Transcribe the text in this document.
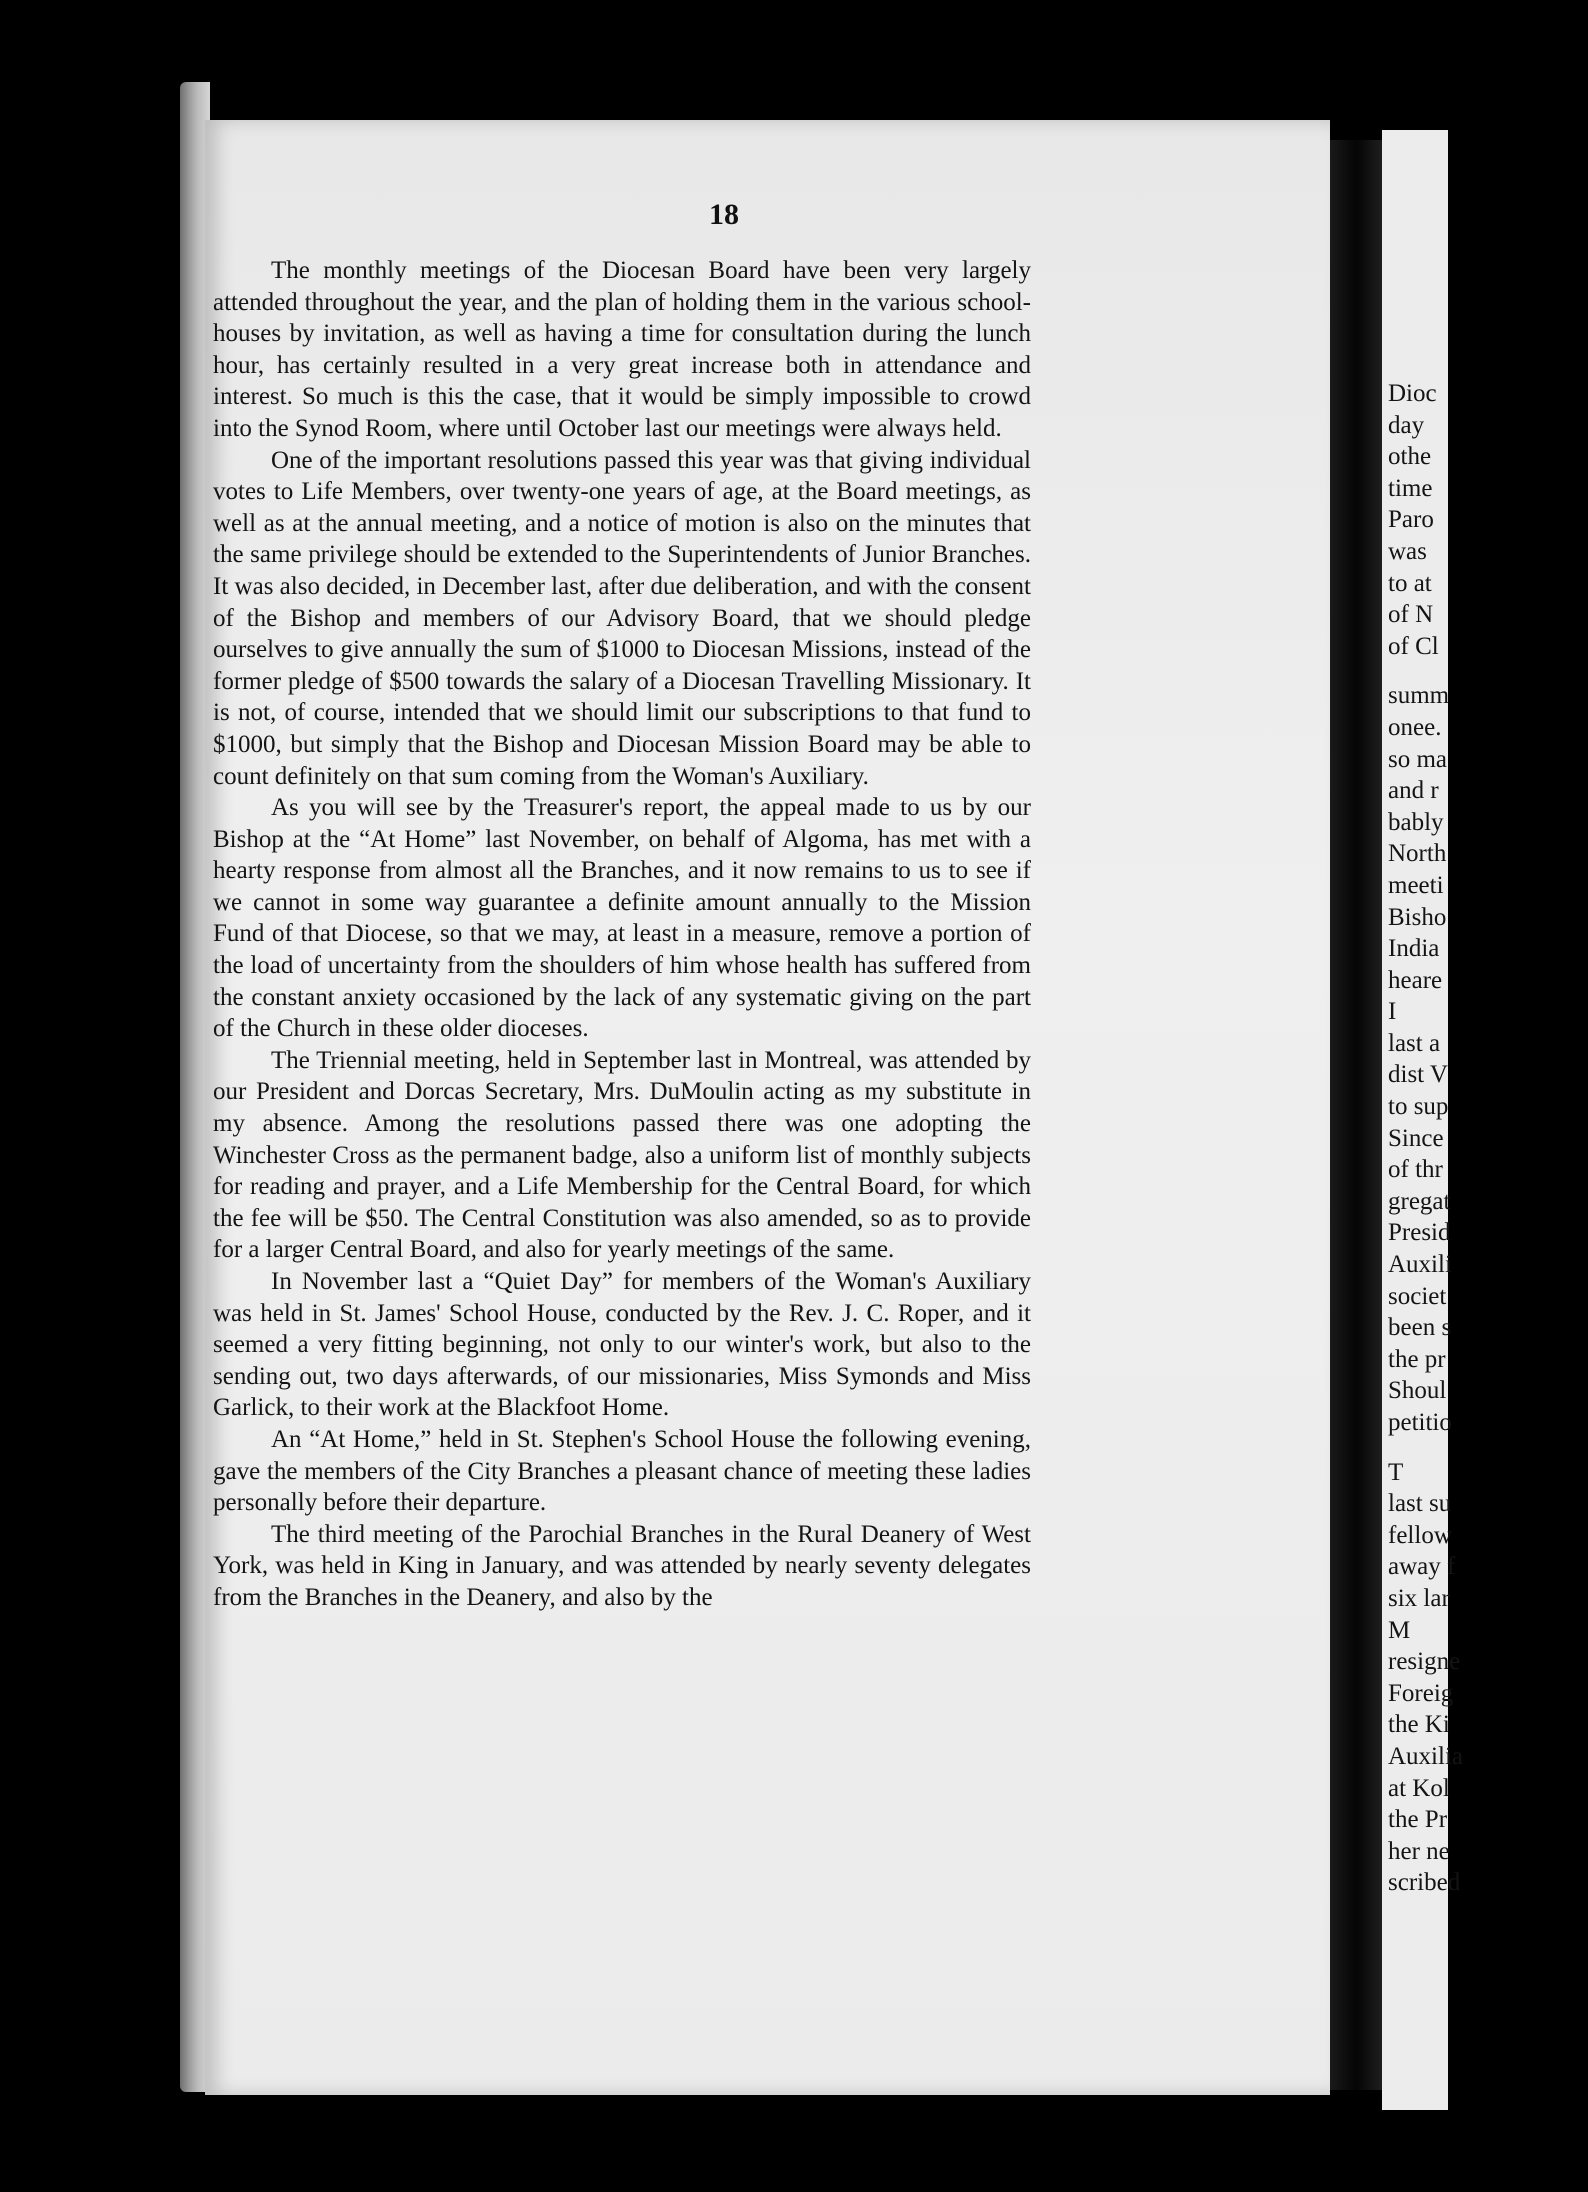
18

The monthly meetings of the Diocesan Board have been very largely attended throughout the year, and the plan of holding them in the various school-houses by invitation, as well as having a time for consultation during the lunch hour, has certainly resulted in a very great increase both in attendance and interest. So much is this the case, that it would be simply impossible to crowd into the Synod Room, where until October last our meetings were always held.

One of the important resolutions passed this year was that giving individual votes to Life Members, over twenty-one years of age, at the Board meetings, as well as at the annual meeting, and a notice of motion is also on the minutes that the same privilege should be extended to the Superintendents of Junior Branches. It was also decided, in December last, after due deliberation, and with the consent of the Bishop and members of our Advisory Board, that we should pledge ourselves to give annually the sum of $1000 to Diocesan Missions, instead of the former pledge of $500 towards the salary of a Diocesan Travelling Missionary. It is not, of course, intended that we should limit our subscriptions to that fund to $1000, but simply that the Bishop and Diocesan Mission Board may be able to count definitely on that sum coming from the Woman's Auxiliary.

As you will see by the Treasurer's report, the appeal made to us by our Bishop at the “At Home” last November, on behalf of Algoma, has met with a hearty response from almost all the Branches, and it now remains to us to see if we cannot in some way guarantee a definite amount annually to the Mission Fund of that Diocese, so that we may, at least in a measure, remove a portion of the load of uncertainty from the shoulders of him whose health has suffered from the constant anxiety occasioned by the lack of any systematic giving on the part of the Church in these older dioceses.

The Triennial meeting, held in September last in Montreal, was attended by our President and Dorcas Secretary, Mrs. DuMoulin acting as my substitute in my absence. Among the resolutions passed there was one adopting the Winchester Cross as the permanent badge, also a uniform list of monthly subjects for reading and prayer, and a Life Membership for the Central Board, for which the fee will be $50. The Central Constitution was also amended, so as to provide for a larger Central Board, and also for yearly meetings of the same.

In November last a “Quiet Day” for members of the Woman's Auxiliary was held in St. James' School House, conducted by the Rev. J. C. Roper, and it seemed a very fitting beginning, not only to our winter's work, but also to the sending out, two days afterwards, of our missionaries, Miss Symonds and Miss Garlick, to their work at the Blackfoot Home.

An “At Home,” held in St. Stephen's School House the following evening, gave the members of the City Branches a pleasant chance of meeting these ladies personally before their departure.

The third meeting of the Parochial Branches in the Rural Deanery of West York, was held in King in January, and was attended by nearly seventy delegates from the Branches in the Deanery, and also by the

Dioc
day
othe
time
Paro
was
to at
of N
of Cl
summ
onee.
so ma
and r
bably
North
meeti
Bisho
India
heare
I
last a
dist V
to sup
Since
of thr
gregat
Presid
Auxili
societ
been s
the pr
Shoul
petitio
T
last su
fellow
away f
six lar
M
resigne
Foreig
the Ki
Auxilia
at Kol
the Pr
her ne
scribed
